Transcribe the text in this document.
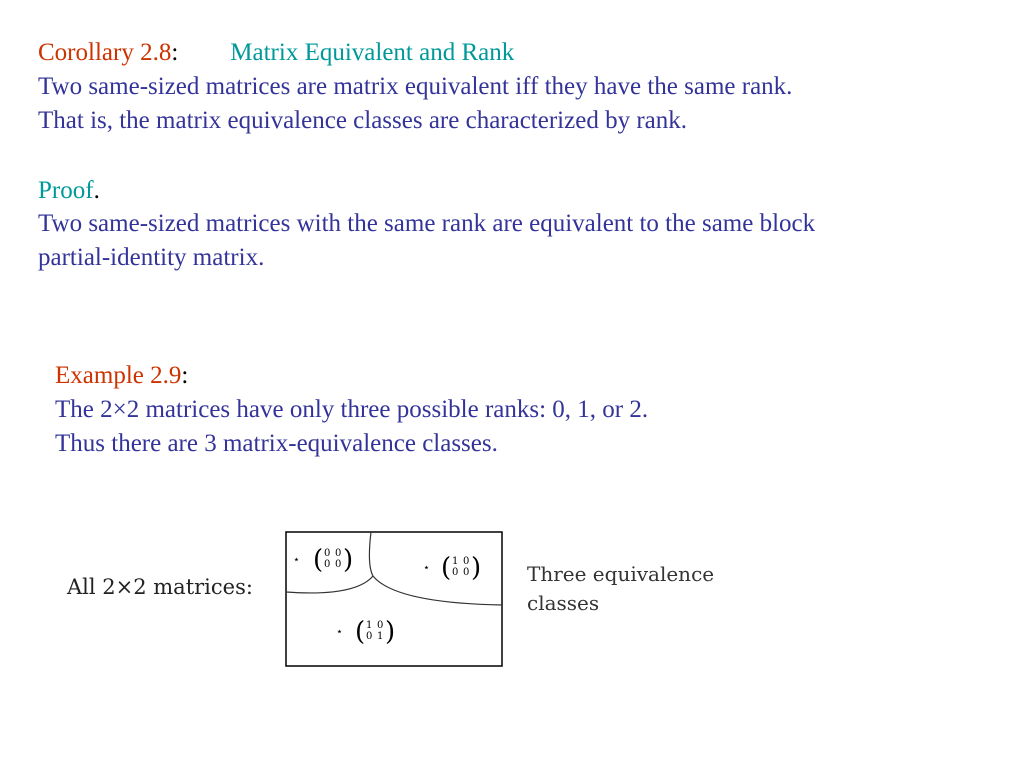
Corollary 2.8: Matrix Equivalent and Rank
Two same-sized matrices are matrix equivalent iff they have the same rank.
That is, the matrix equivalence classes are characterized by rank.
Proof.
Two same-sized matrices with the same rank are equivalent to the same block
partial-identity matrix.
Example 2.9:
The 2×2 matrices have only three possible ranks: 0, 1, or 2.
Thus there are 3 matrix-equivalence classes.
All 2×2 matrices:
⋆ ( 0 0
0 0 )	⋆ ( 1 0
0 0 )
⋆ ( 1 0
0 1 )
Three equivalence
classes
